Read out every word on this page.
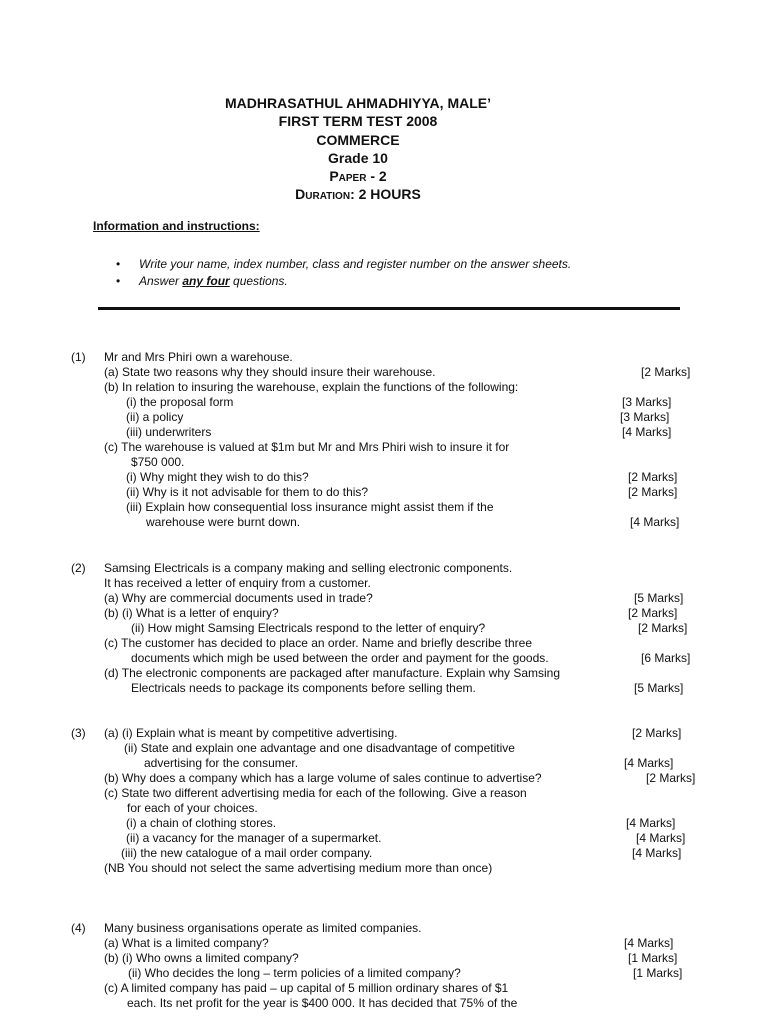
MADHRASATHUL AHMADHIYYA, MALE’
FIRST TERM TEST 2008
COMMERCE
Grade 10
Paper - 2
Duration: 2 HOURS
Information and instructions:
• Write your name, index number, class and register number on the answer sheets.
• Answer any four questions.
(1) Mr and Mrs Phiri own a warehouse.
(a) State two reasons why they should insure their warehouse.
(b) In relation to insuring the warehouse, explain the functions of the following:
(i) the proposal form
(ii) a policy
(iii) underwriters
(c) The warehouse is valued at $1m but Mr and Mrs Phiri wish to insure it for
$750 000.
(i) Why might they wish to do this?
(ii) Why is it not advisable for them to do this?
(iii) Explain how consequential loss insurance might assist them if the
warehouse were burnt down.
[2 Marks]
[3 Marks]
[3 Marks]
[4 Marks]
[2 Marks]
[2 Marks]
[4 Marks]
(2) Samsing Electricals is a company making and selling electronic components.
It has received a letter of enquiry from a customer.
(a) Why are commercial documents used in trade?
(b) (i) What is a letter of enquiry?
(ii) How might Samsing Electricals respond to the letter of enquiry?
(c) The customer has decided to place an order. Name and briefly describe three
documents which migh be used between the order and payment for the goods.
(d) The electronic components are packaged after manufacture. Explain why Samsing
Electricals needs to package its components before selling them.
[5 Marks]
[2 Marks]
[2 Marks]
[6 Marks]
[5 Marks]
(3) (a) (i) Explain what is meant by competitive advertising.
(ii) State and explain one advantage and one disadvantage of competitive
advertising for the consumer.
(b) Why does a company which has a large volume of sales continue to advertise?
(c) State two different advertising media for each of the following. Give a reason
for each of your choices.
(i) a chain of clothing stores.
(ii) a vacancy for the manager of a supermarket.
(iii) the new catalogue of a mail order company.
(NB You should not select the same advertising medium more than once)
[2 Marks]
[4 Marks]
[2 Marks]
[4 Marks]
[4 Marks]
[4 Marks]
(4) Many business organisations operate as limited companies.
(a) What is a limited company?
(b) (i) Who owns a limited company?
(ii) Who decides the long – term policies of a limited company?
(c) A limited company has paid – up capital of 5 million ordinary shares of $1
each. Its net profit for the year is $400 000. It has decided that 75% of the
[4 Marks]
[1 Marks]
[1 Marks]
